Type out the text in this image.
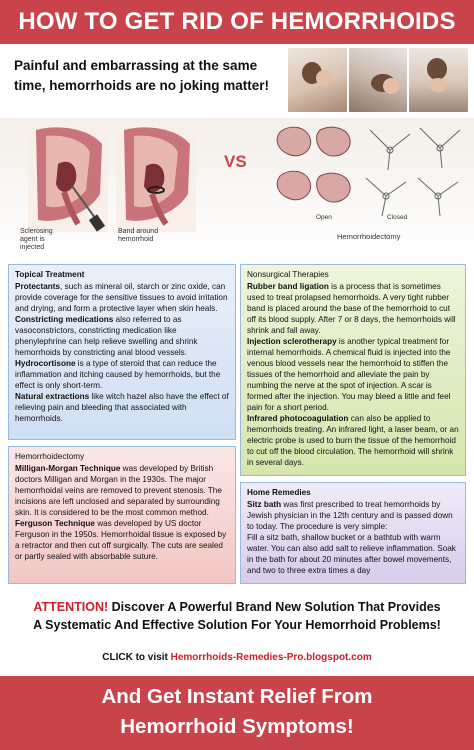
HOW TO GET RID OF HEMORRHOIDS
Painful and embarrassing at the same
time, hemorrhoids are no joking matter!
Sclerosing
agent is
injected
Band around
hemorrhoid
VS
Open	Closed
Hemorrhoidectomy

Topical Treatment

Protectants, such as mineral oil, starch or zinc oxide, can provide coverage for the sensitive tissues to avoid irritation and drying, and form a protective layer when skin heals.

Constricting medications also referred to as vasoconstrictors, constricting medication like phenylephrine can help relieve swelling and shrink hemorrhoids by constricting anal blood vessels.

Hydrocortisone is a type of steroid that can reduce the inflammation and itching caused by hemorrhoids, but the effect is only short-term.

Natural extractions like witch hazel also have the effect of relieving pain and bleeding that associated with hemorrhoids.

Hemorrhoidectomy

Milligan-Morgan Technique was developed by British doctors Milligan and Morgan in the 1930s. The major hemorrhoidal veins are removed to prevent stenosis. The incisions are left unclosed and separated by surrounding skin. It is considered to be the most common method.

Ferguson Technique was developed by US doctor Ferguson in the 1950s. Hemorrhoidal tissue is exposed by a retractor and then cut off surgically. The cuts are sealed or partly sealed with absorbable suture.

Nonsurgical Therapies

Rubber band ligation is a process that is sometimes used to treat prolapsed hemorrhoids. A very tight rubber band is placed around the base of the hemorrhoid to cut off its blood supply. After 7 or 8 days, the hemorrhoids will shrink and fall away.

Injection sclerotherapy is another typical treatment for internal hemorrhoids. A chemical fluid is injected into the venous blood vessels near the hemorrhoid to stiffen the tissues of the hemorrhoid and alleviate the pain by numbing the nerve at the spot of injection. A scar is formed after the injection. You may bleed a little and feel pain for a short period.

Infrared photocoagulation can also be applied to hemorrhoids treating. An infrared light, a laser beam, or an electric probe is used to burn the tissue of the hemorrhoid to cut off the blood circulation. The hemorrhoid will shrink in several days.

Home Remedies

Sitz bath was first prescribed to treat hemorrhoids by Jewish physician in the 12th century and is passed down to today. The procedure is very simple:

Fill a sitz bath, shallow bucket or a bathtub with warm water. You can also add salt to relieve inflammation. Soak in the bath for about 20 minutes after bowel movements, and two to three extra times a day

ATTENTION! Discover A Powerful Brand New Solution That Provides
A Systematic And Effective Solution For Your Hemorrhoid Problems!
CLICK to visit Hemorrhoids-Remedies-Pro.blogspot.com
And Get Instant Relief From
Hemorrhoid Symptoms!
